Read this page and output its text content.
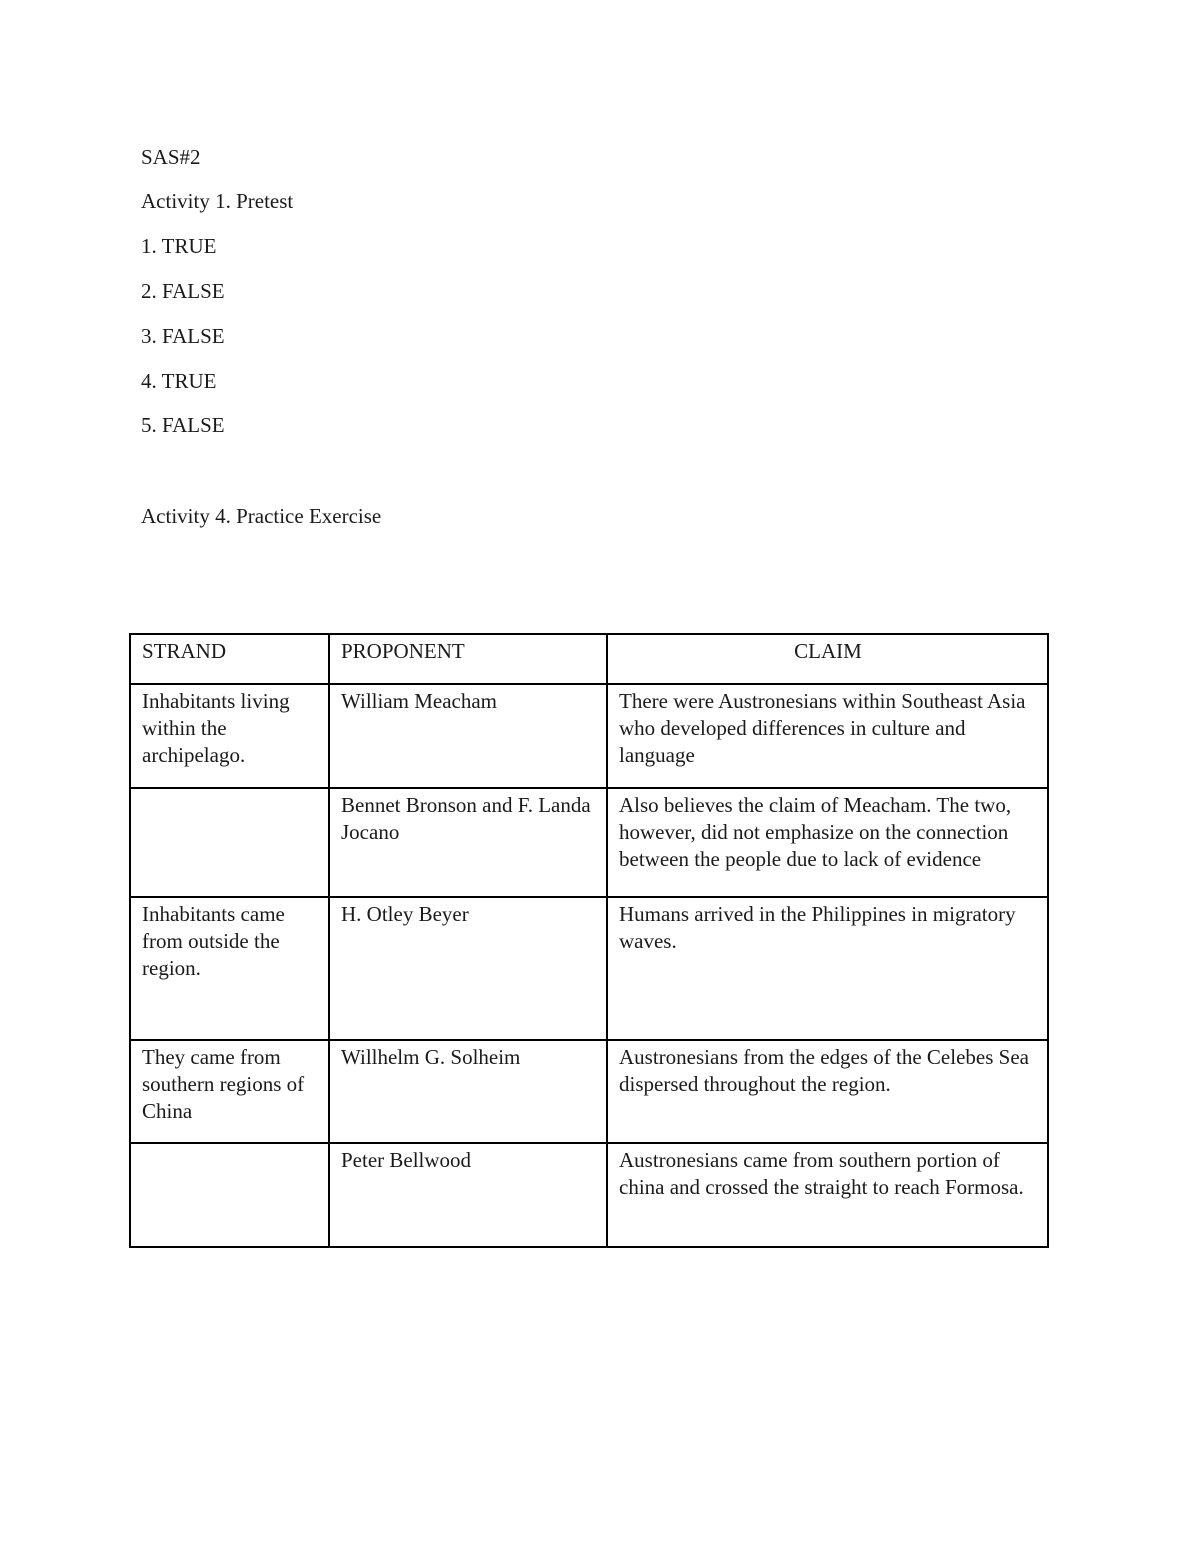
SAS#2
Activity 1. Pretest
1. TRUE
2. FALSE
3. FALSE
4. TRUE
5. FALSE
Activity 4. Practice Exercise
STRAND	PROPONENT	CLAIM
Inhabitants living within the archipelago.	William Meacham	There were Austronesians within Southeast Asia who developed differences in culture and language
	Bennet Bronson and F. Landa Jocano	Also believes the claim of Meacham. The two, however, did not emphasize on the connection between the people due to lack of evidence
Inhabitants came from outside the region.	H. Otley Beyer	Humans arrived in the Philippines in migratory waves.
They came from southern regions of China	Willhelm G. Solheim	Austronesians from the edges of the Celebes Sea dispersed throughout the region.
	Peter Bellwood	Austronesians came from southern portion of china and crossed the straight to reach Formosa.
